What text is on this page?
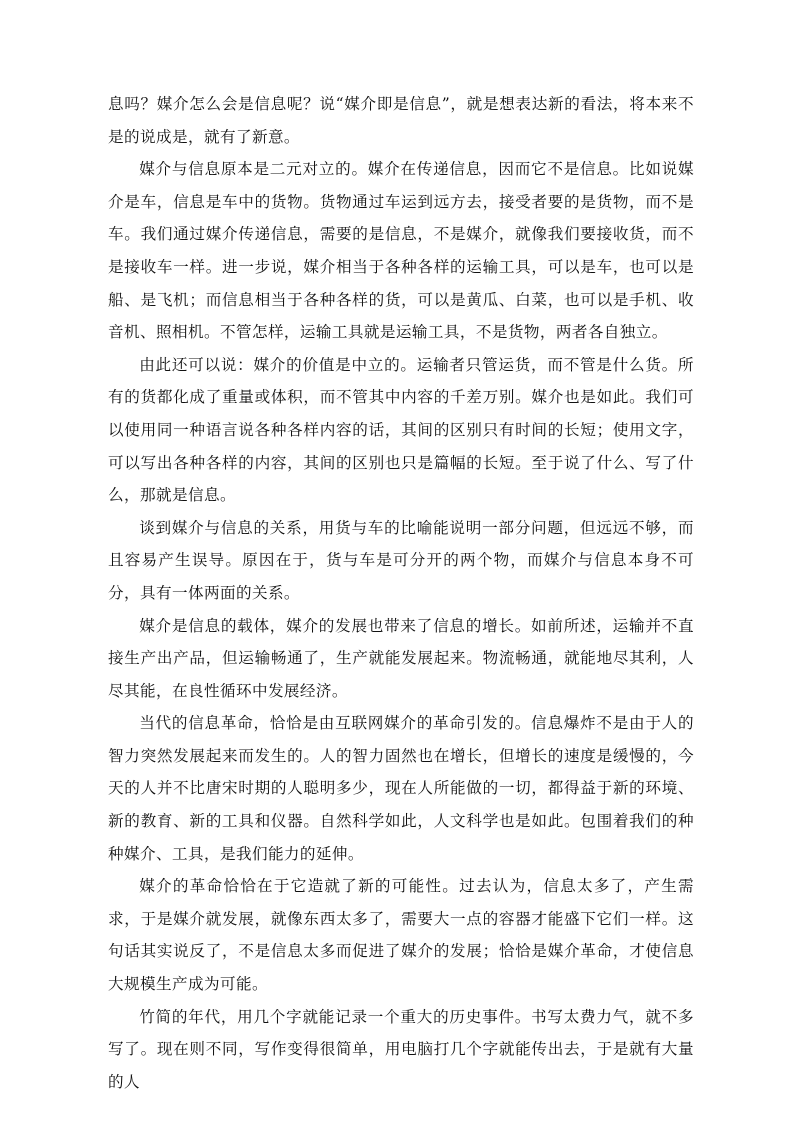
息吗？媒介怎么会是信息呢？说“媒介即是信息”，就是想表达新的看法，将本来不是的说成是，就有了新意。

媒介与信息原本是二元对立的。媒介在传递信息，因而它不是信息。比如说媒介是车，信息是车中的货物。货物通过车运到远方去，接受者要的是货物，而不是车。我们通过媒介传递信息，需要的是信息，不是媒介，就像我们要接收货，而不是接收车一样。进一步说，媒介相当于各种各样的运输工具，可以是车，也可以是船、是飞机；而信息相当于各种各样的货，可以是黄瓜、白菜，也可以是手机、收音机、照相机。不管怎样，运输工具就是运输工具，不是货物，两者各自独立。

由此还可以说：媒介的价值是中立的。运输者只管运货，而不管是什么货。所有的货都化成了重量或体积，而不管其中内容的千差万别。媒介也是如此。我们可以使用同一种语言说各种各样内容的话，其间的区别只有时间的长短；使用文字，可以写出各种各样的内容，其间的区别也只是篇幅的长短。至于说了什么、写了什么，那就是信息。

谈到媒介与信息的关系，用货与车的比喻能说明一部分问题，但远远不够，而且容易产生误导。原因在于，货与车是可分开的两个物，而媒介与信息本身不可分，具有一体两面的关系。

媒介是信息的载体，媒介的发展也带来了信息的增长。如前所述，运输并不直接生产出产品，但运输畅通了，生产就能发展起来。物流畅通，就能地尽其利，人尽其能，在良性循环中发展经济。

当代的信息革命，恰恰是由互联网媒介的革命引发的。信息爆炸不是由于人的智力突然发展起来而发生的。人的智力固然也在增长，但增长的速度是缓慢的，今天的人并不比唐宋时期的人聪明多少，现在人所能做的一切，都得益于新的环境、新的教育、新的工具和仪器。自然科学如此，人文科学也是如此。包围着我们的种种媒介、工具，是我们能力的延伸。

媒介的革命恰恰在于它造就了新的可能性。过去认为，信息太多了，产生需求，于是媒介就发展，就像东西太多了，需要大一点的容器才能盛下它们一样。这句话其实说反了，不是信息太多而促进了媒介的发展；恰恰是媒介革命，才使信息大规模生产成为可能。

竹简的年代，用几个字就能记录一个重大的历史事件。书写太费力气，就不多写了。现在则不同，写作变得很简单，用电脑打几个字就能传出去，于是就有大量的人
